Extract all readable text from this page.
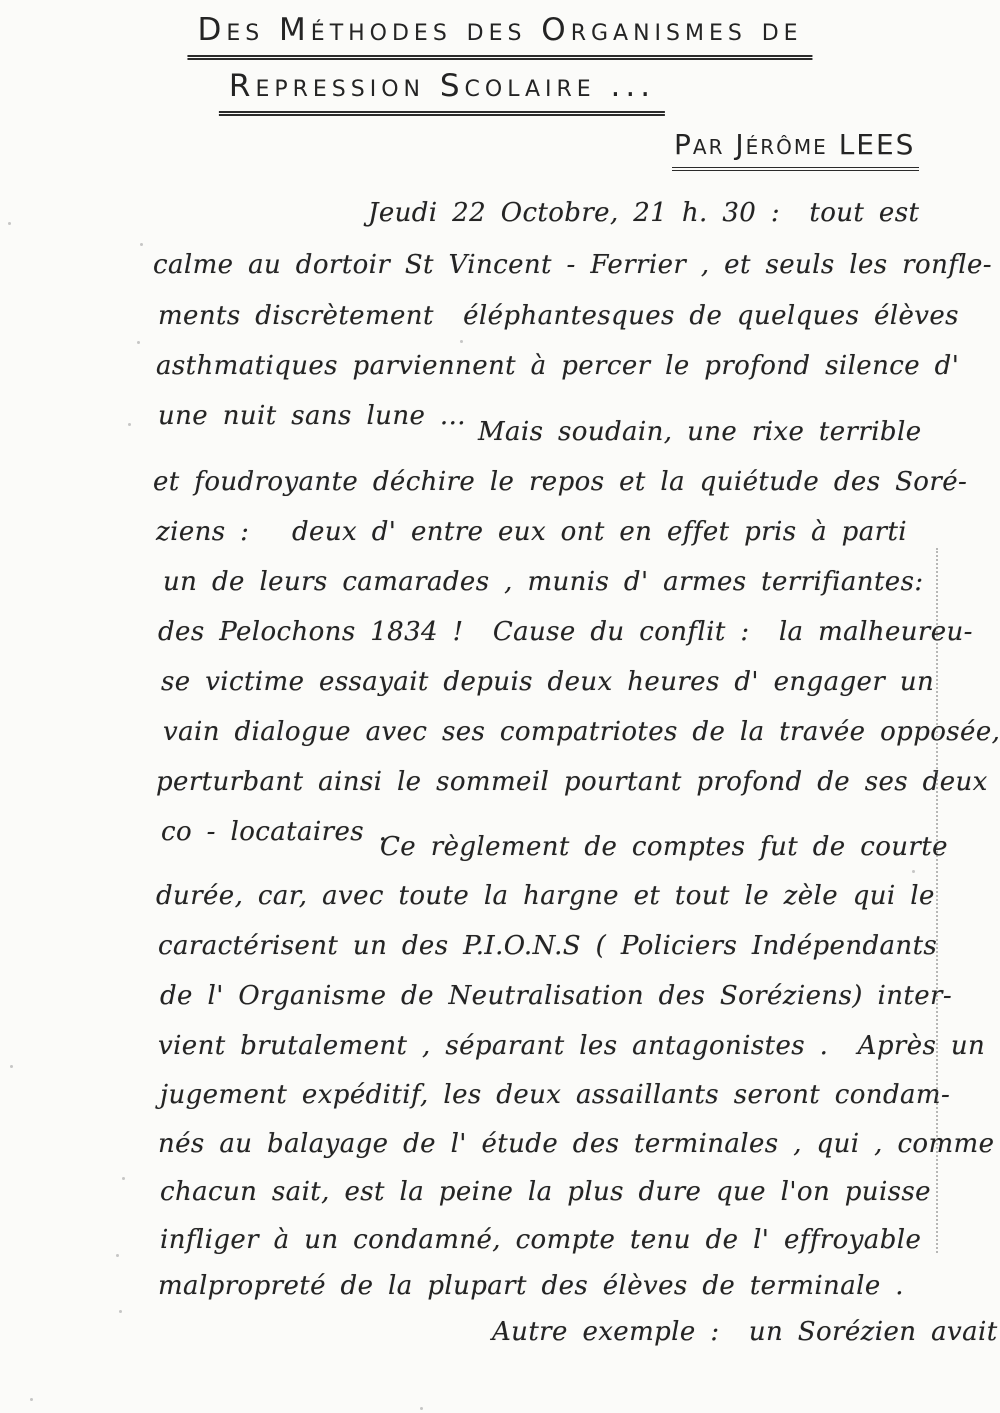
Des Méthodes des Organismes de
Repression Scolaire ...
Par Jérôme LEES
Jeudi 22 Octobre, 21 h. 30 :  tout est
calme au dortoir St Vincent - Ferrier , et seuls les ronfle-
ments discrètement  éléphantesques de quelques élèves
asthmatiques parviennent à percer le profond silence d'
une nuit sans lune ...
Mais soudain, une rixe terrible
et foudroyante déchire le repos et la quiétude des Soré-
ziens : deux d' entre eux ont en effet pris à parti
un de leurs camarades , munis d' armes terrifiantes:
des Pelochons 1834 !  Cause du conflit :  la malheureu-
se victime essayait depuis deux heures d' engager un
vain dialogue avec ses compatriotes de la travée opposée,
perturbant ainsi le sommeil pourtant profond de ses deux
co - locataires .
Ce règlement de comptes fut de courte
durée, car, avec toute la hargne et tout le zèle qui le
caractérisent un des P.I.O.N.S ( Policiers Indépendants
de l' Organisme de Neutralisation des Soréziens) inter-
vient brutalement , séparant les antagonistes .  Après un
jugement expéditif, les deux assaillants seront condam-
nés au balayage de l' étude des terminales , qui , comme
chacun sait, est la peine la plus dure que l'on puisse
infliger à un condamné, compte tenu de l' effroyable
malpropreté de la plupart des élèves de terminale .
Autre exemple :  un Sorézien avait
